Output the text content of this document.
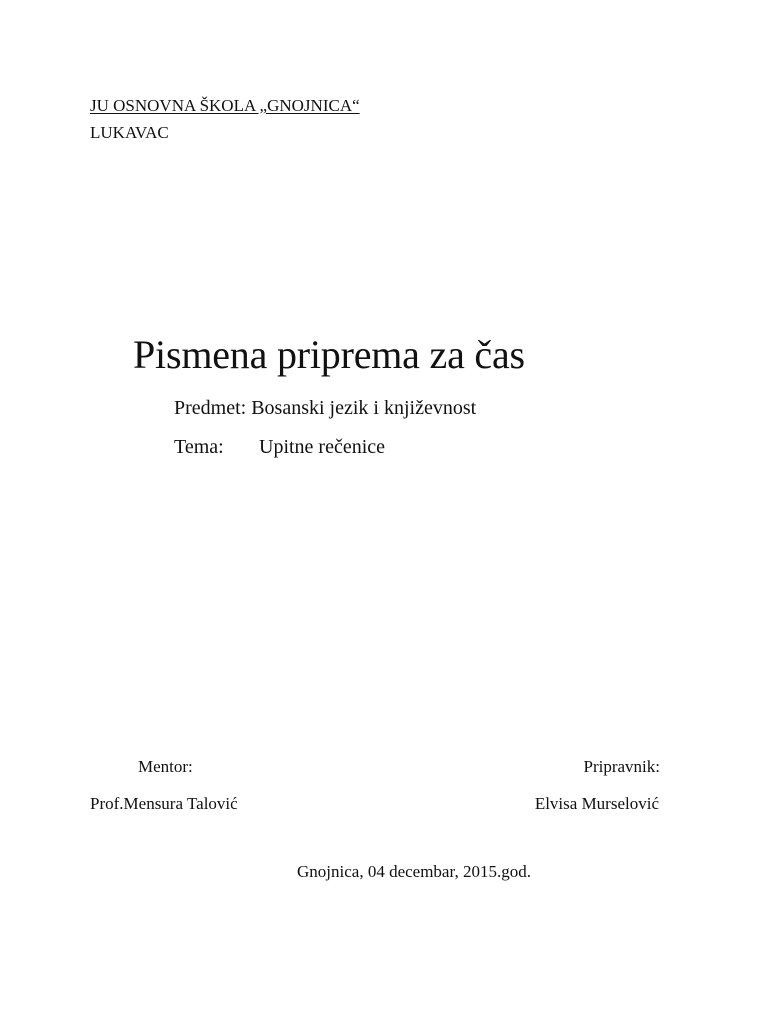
JU OSNOVNA ŠKOLA „GNOJNICA“
LUKAVAC
Pismena priprema za čas
Predmet: Bosanski jezik i književnost
Tema: Upitne rečenice
Mentor:
Prof.Mensura Talović
Pripravnik:
Elvisa Murselović
Gnojnica, 04 decembar, 2015.god.
